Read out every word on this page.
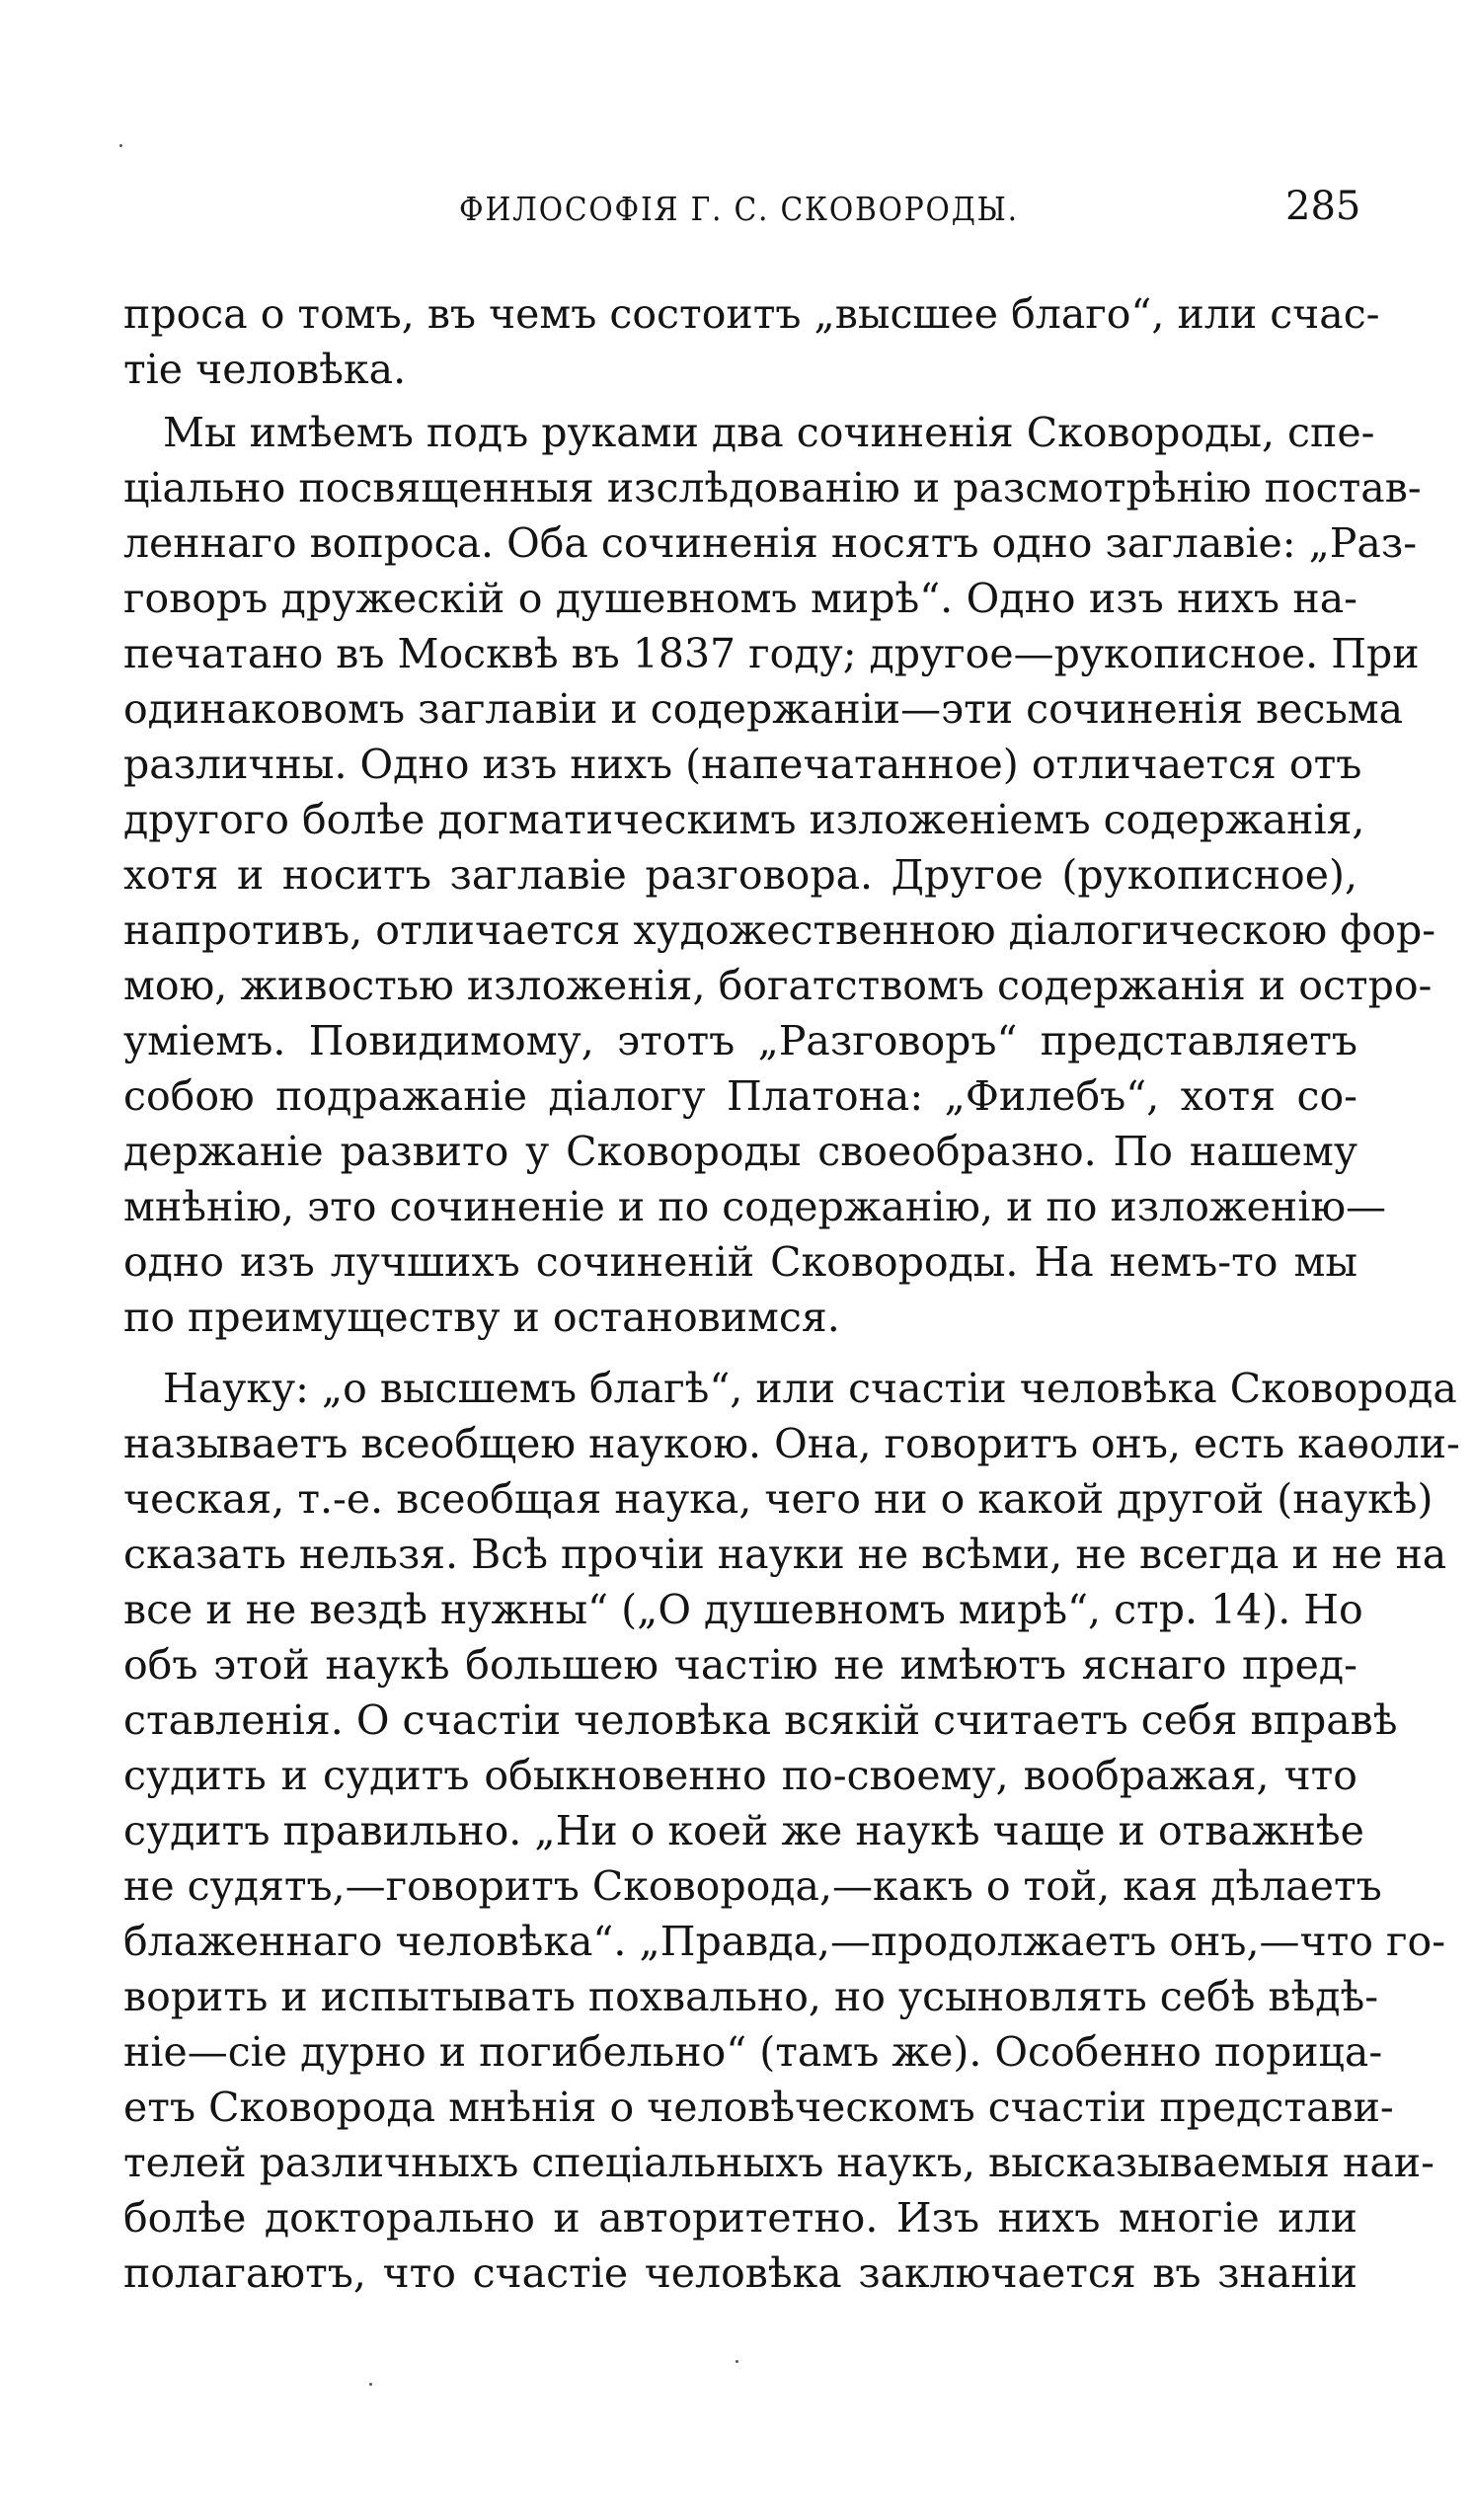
ФИЛОСОФІЯ Г. С. СКОВОРОДЫ.	285
проса о томъ, въ чемъ состоитъ „высшее благо“, или счас-
тіе человѣка.
Мы имѣемъ подъ руками два сочиненія Сковороды, спе-
ціально посвященныя изслѣдованію и разсмотрѣнію постав-
леннаго вопроса. Оба сочиненія носятъ одно заглавіе: „Раз-
говоръ дружескій о душевномъ мирѣ“. Одно изъ нихъ на-
печатано въ Москвѣ въ 1837 году; другое—рукописное. При
одинаковомъ заглавіи и содержаніи—эти сочиненія весьма
различны. Одно изъ нихъ (напечатанное) отличается отъ
другого болѣе догматическимъ изложеніемъ содержанія,
хотя и носитъ заглавіе разговора. Другое (рукописное),
напротивъ, отличается художественною діалогическою фор-
мою, живостью изложенія, богатствомъ содержанія и остро-
уміемъ. Повидимому, этотъ „Разговоръ“ представляетъ
собою подражаніе діалогу Платона: „Филебъ“, хотя со-
держаніе развито у Сковороды своеобразно. По нашему
мнѣнію, это сочиненіе и по содержанію, и по изложенію—
одно изъ лучшихъ сочиненій Сковороды. На немъ-то мы
по преимуществу и остановимся.
Науку: „о высшемъ благѣ“, или счастіи человѣка Сковорода
называетъ всеобщею наукою. Она, говоритъ онъ, есть каѳоли-
ческая, т.-е. всеобщая наука, чего ни о какой другой (наукѣ)
сказать нельзя. Всѣ прочіи науки не всѣми, не всегда и не на
все и не вездѣ нужны“ („О душевномъ мирѣ“, стр. 14). Но
объ этой наукѣ большею частію не имѣютъ яснаго пред-
ставленія. О счастіи человѣка всякій считаетъ себя вправѣ
судить и судитъ обыкновенно по-своему, воображая, что
судитъ правильно. „Ни о коей же наукѣ чаще и отважнѣе
не судятъ,—говоритъ Сковорода,—какъ о той, кая дѣлаетъ
блаженнаго человѣка“. „Правда,—продолжаетъ онъ,—что го-
ворить и испытывать похвально, но усыновлять себѣ вѣдѣ-
ніе—сіе дурно и погибельно“ (тамъ же). Особенно порица-
етъ Сковорода мнѣнія о человѣческомъ счастіи представи-
телей различныхъ спеціальныхъ наукъ, высказываемыя наи-
болѣе докторально и авторитетно. Изъ нихъ многіе или
полагаютъ, что счастіе человѣка заключается въ знаніи
